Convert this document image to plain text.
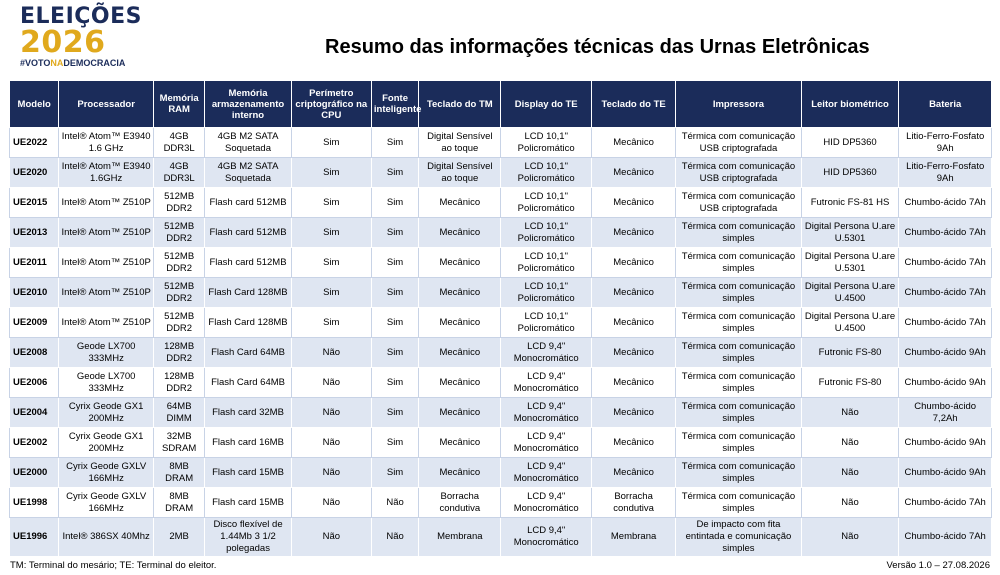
ELEIÇÕES
2026
#VOTONADEMOCRACIA
Resumo das informações técnicas das Urnas Eletrônicas
Modelo	Processador	Memória RAM	Memória armazenamento interno	Perímetro criptográfico na CPU	Fonte inteligente	Teclado do TM	Display do TE	Teclado do TE	Impressora	Leitor biométrico	Bateria
UE2022	Intel® Atom™ E3940 1.6 GHz	4GB DDR3L	4GB M2 SATA Soquetada	Sim	Sim	Digital Sensível ao toque	LCD 10,1" Policromático	Mecânico	Térmica com comunicação USB criptografada	HID DP5360	Litio-Ferro-Fosfato 9Ah
UE2020	Intel® Atom™ E3940 1.6GHz	4GB DDR3L	4GB M2 SATA Soquetada	Sim	Sim	Digital Sensível ao toque	LCD 10,1" Policromático	Mecânico	Térmica com comunicação USB criptografada	HID DP5360	Litio-Ferro-Fosfato 9Ah
UE2015	Intel® Atom™ Z510P	512MB DDR2	Flash card 512MB	Sim	Sim	Mecânico	LCD 10,1" Policromático	Mecânico	Térmica com comunicação USB criptografada	Futronic FS-81 HS	Chumbo-ácido 7Ah
UE2013	Intel® Atom™ Z510P	512MB DDR2	Flash card 512MB	Sim	Sim	Mecânico	LCD 10,1" Policromático	Mecânico	Térmica com comunicação simples	Digital Persona U.are U.5301	Chumbo-ácido 7Ah
UE2011	Intel® Atom™ Z510P	512MB DDR2	Flash card 512MB	Sim	Sim	Mecânico	LCD 10,1" Policromático	Mecânico	Térmica com comunicação simples	Digital Persona U.are U.5301	Chumbo-ácido 7Ah
UE2010	Intel® Atom™ Z510P	512MB DDR2	Flash Card 128MB	Sim	Sim	Mecânico	LCD 10,1" Policromático	Mecânico	Térmica com comunicação simples	Digital Persona U.are U.4500	Chumbo-ácido 7Ah
UE2009	Intel® Atom™ Z510P	512MB DDR2	Flash Card 128MB	Sim	Sim	Mecânico	LCD 10,1" Policromático	Mecânico	Térmica com comunicação simples	Digital Persona U.are U.4500	Chumbo-ácido 7Ah
UE2008	Geode LX700 333MHz	128MB DDR2	Flash Card 64MB	Não	Sim	Mecânico	LCD 9,4" Monocromático	Mecânico	Térmica com comunicação simples	Futronic FS-80	Chumbo-ácido 9Ah
UE2006	Geode LX700 333MHz	128MB DDR2	Flash Card 64MB	Não	Sim	Mecânico	LCD 9,4" Monocromático	Mecânico	Térmica com comunicação simples	Futronic FS-80	Chumbo-ácido 9Ah
UE2004	Cyrix Geode GX1 200MHz	64MB DIMM	Flash card 32MB	Não	Sim	Mecânico	LCD 9,4" Monocromático	Mecânico	Térmica com comunicação simples	Não	Chumbo-ácido 7,2Ah
UE2002	Cyrix Geode GX1 200MHz	32MB SDRAM	Flash card 16MB	Não	Sim	Mecânico	LCD 9,4" Monocromático	Mecânico	Térmica com comunicação simples	Não	Chumbo-ácido 9Ah
UE2000	Cyrix Geode GXLV 166MHz	8MB DRAM	Flash card 15MB	Não	Sim	Mecânico	LCD 9,4" Monocromático	Mecânico	Térmica com comunicação simples	Não	Chumbo-ácido 9Ah
UE1998	Cyrix Geode GXLV 166MHz	8MB DRAM	Flash card 15MB	Não	Não	Borracha condutiva	LCD 9,4" Monocromático	Borracha condutiva	Térmica com comunicação simples	Não	Chumbo-ácido 7Ah
UE1996	Intel® 386SX 40Mhz	2MB	Disco flexível de 1.44Mb 3 1/2 polegadas	Não	Não	Membrana	LCD 9,4" Monocromático	Membrana	De impacto com fita entintada e comunicação simples	Não	Chumbo-ácido 7Ah
TM: Terminal do mesário; TE: Terminal do eleitor.	Versão 1.0 – 27.08.2026
